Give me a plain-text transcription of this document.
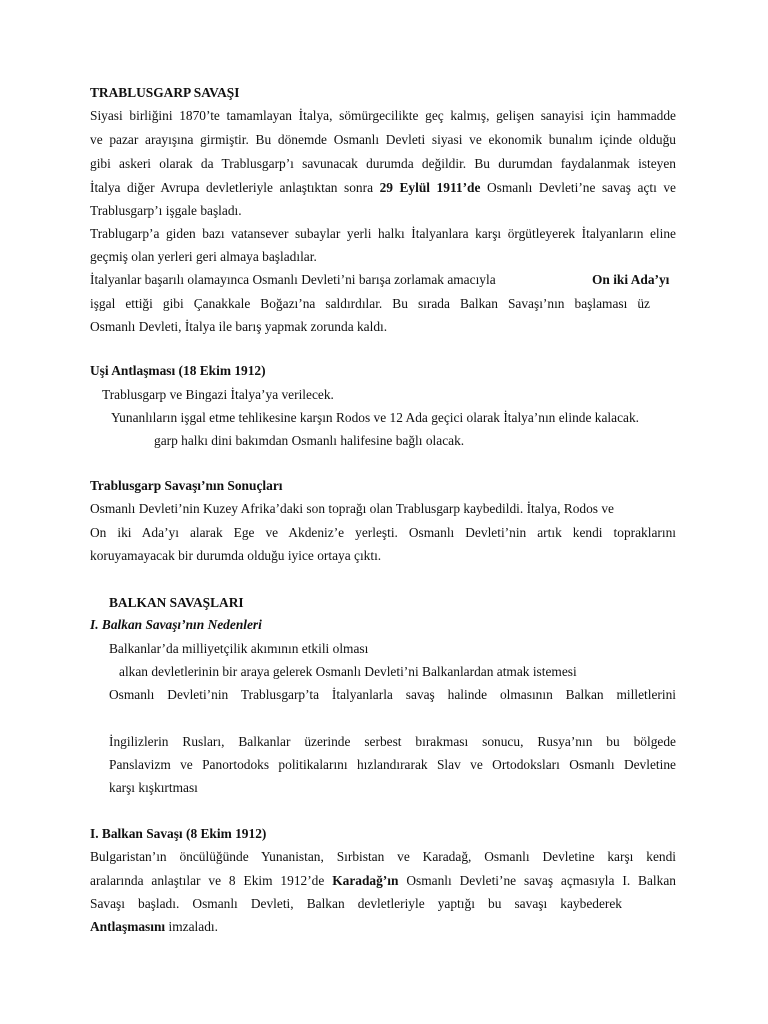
TRABLUSGARP SAVAŞI
Siyasi birliğini 1870’te tamamlayan İtalya, sömürgecilikte geç kalmış, gelişen sanayisi için hammadde
ve pazar arayışına girmiştir. Bu dönemde Osmanlı Devleti siyasi ve ekonomik bunalım içinde olduğu
gibi askeri olarak da Trablusgarp’ı savunacak durumda değildir. Bu durumdan faydalanmak isteyen
İtalya diğer Avrupa devletleriyle anlaştıktan sonra 29 Eylül 1911’de Osmanlı Devleti’ne savaş açtı ve
Trablusgarp’ı işgale başladı.
Trablugarp’a giden bazı vatansever subaylar yerli halkı İtalyanlara karşı örgütleyerek İtalyanların eline
geçmiş olan yerleri geri almaya başladılar.
İtalyanlar başarılı olamayınca Osmanlı Devleti’ni barışa zorlamak amacıyla	On iki Ada’yı
işgal ettiği gibi Çanakkale Boğazı’na saldırdılar. Bu sırada Balkan Savaşı’nın başlaması üz
Osmanlı Devleti, İtalya ile barış yapmak zorunda kaldı.
Uşi Antlaşması (18 Ekim 1912)
Trablusgarp ve Bingazi İtalya’ya verilecek.
Yunanlıların işgal etme tehlikesine karşın Rodos ve 12 Ada geçici olarak İtalya’nın elinde kalacak.
garp halkı dini bakımdan Osmanlı halifesine bağlı olacak.
Trablusgarp Savaşı’nın Sonuçları
Osmanlı Devleti’nin Kuzey Afrika’daki son toprağı olan Trablusgarp kaybedildi. İtalya, Rodos ve
On iki Ada’yı alarak Ege ve Akdeniz’e yerleşti. Osmanlı Devleti’nin artık kendi topraklarını
koruyamayacak bir durumda olduğu iyice ortaya çıktı.
BALKAN SAVAŞLARI
I. Balkan Savaşı’nın Nedenleri
Balkanlar’da milliyetçilik akımının etkili olması
alkan devletlerinin bir araya gelerek Osmanlı Devleti’ni Balkanlardan atmak istemesi
Osmanlı Devleti’nin Trablusgarp’ta İtalyanlarla savaş halinde olmasının Balkan milletlerini
İngilizlerin Rusları, Balkanlar üzerinde serbest bırakması sonucu, Rusya’nın bu bölgede
Panslavizm ve Panortodoks politikalarını hızlandırarak Slav ve Ortodoksları Osmanlı Devletine
karşı kışkırtması
I. Balkan Savaşı (8 Ekim 1912)
Bulgaristan’ın öncülüğünde Yunanistan, Sırbistan ve Karadağ, Osmanlı Devletine karşı kendi
aralarında anlaştılar ve 8 Ekim 1912’de Karadağ’ın Osmanlı Devleti’ne savaş açmasıyla I. Balkan
Savaşı başladı. Osmanlı Devleti, Balkan devletleriyle yaptığı bu savaşı kaybederek
Antlaşmasını imzaladı.
